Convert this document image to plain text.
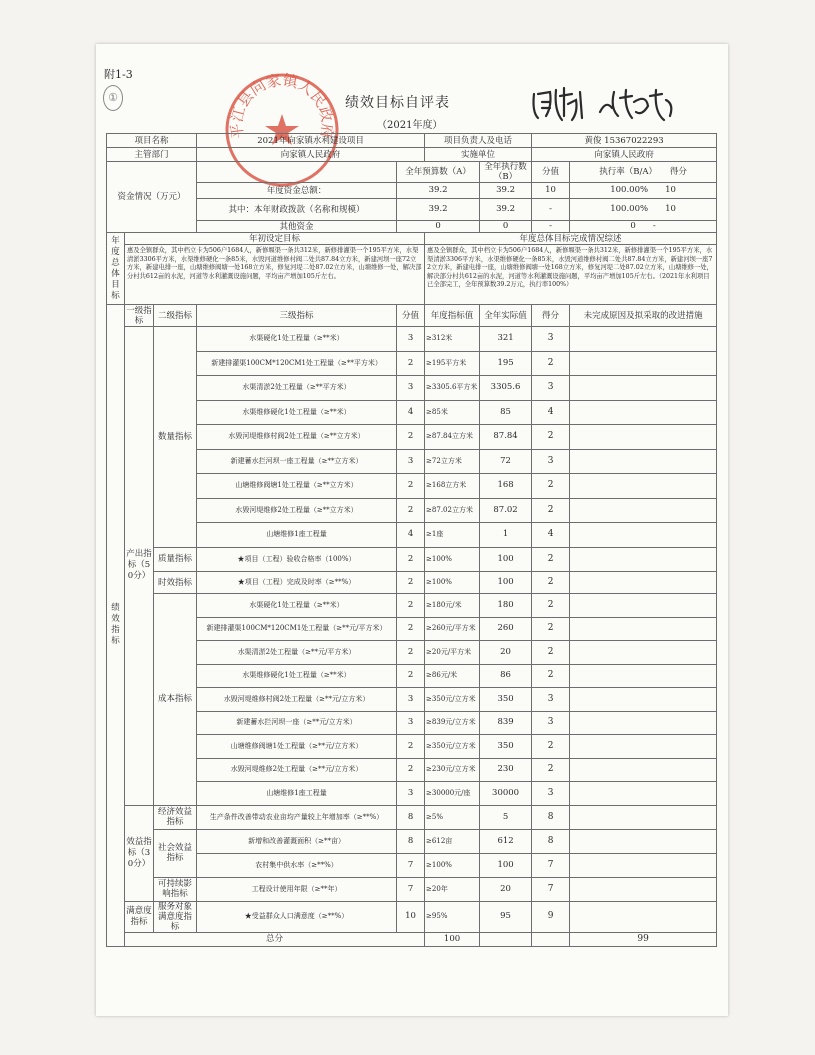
附1-3
①	绩效目标自评表
（2021年度）
平江县向家镇人民政府
项目名称			2021年向家镇水利建设项目		项目负责人及电话		黄俊 15367022293		
主管部门			向家镇人民政府		实施单位		向家镇人民政府		
资金情况（万元）				全年预算数（A）		全年执行数（B）	分值	执行率（B/A）　　 得分	
			年度资金总额：	39.2		39.2	10	100.00%　　 10	
			其中：本年财政拨款（名称和规模）	39.2		39.2	-	100.00%　　 10	
			其他资金	0		0	-	0　　 -	
年度总体目标	年初设定目标				年度总体目标完成情况综述				
	惠及全镇群众，其中档立卡为506户1684人，新修堰渠一条共312米，新修排灌渠一个195平方米，水渠清淤3306平方米，水渠维修硬化一条85米，水毁河道维修村阀二处共87.84立方米，新建河坝一座72立方米，新建电排一座，山塘维修阀塘一处168立方米，修复河堤二处87.02立方米，山塘维修一处，解决部分村共612亩的水泥，河道等水利灌溉设施问题，平均亩产增加105斤左右。				惠及全镇群众，其中档立卡为506户1684人，新修堰渠一条共312米，新修排灌渠一个195平方米，水渠清淤3306平方米，水渠维修硬化一条85米，水毁河道维修村阀二处共87.84立方米，新建河坝一座72立方米，新建电排一座，山塘维修阀塘一处168立方米，修复河堤二处87.02立方米，山塘维修一处，解决部分村共612亩的水泥，河道等水利灌溉设施问题，平均亩产增加105斤左右。（2021年水利项目已全部完工，全年预算数39.2万元，执行率100%）				
绩效指标	一级指标	二级指标	三级指标	分值	年度指标值	全年实际值	得分	未完成原因及拟采取的改进措施	
	产出指标（50分）	数量指标	水渠硬化1处工程量（≥**米）	3	≥312米	321	3		
			新建排灌渠100CM*120CM1处工程量（≥**平方米）	2	≥195平方米	195	2		
			水渠清淤2处工程量（≥**平方米）	3	≥3305.6平方米	3305.6	3		
			水渠维修硬化1处工程量（≥**米）	4	≥85米	85	4		
			水毁河堤维修村阀2处工程量（≥**立方米）	2	≥87.84立方米	87.84	2		
			新建蓄水拦河坝一座工程量（≥**立方米）	3	≥72立方米	72	3		
			山塘维修阀塘1处工程量（≥**立方米）	2	≥168立方米	168	2		
			水毁河堤维修2处工程量（≥**立方米）	2	≥87.02立方米	87.02	2		
			山塘维修1座工程量	4	≥1座	1	4		
		质量指标	★项目（工程）验收合格率（100%）	2	≥100%	100	2		
		时效指标	★项目（工程）完成及时率（≥**%）	2	≥100%	100	2		
		成本指标	水渠硬化1处工程量（≥**米）	2	≥180元/米	180	2		
			新建排灌渠100CM*120CM1处工程量（≥**元/平方米）	2	≥260元/平方米	260	2		
			水渠清淤2处工程量（≥**元/平方米）	2	≥20元/平方米	20	2		
			水渠维修硬化1处工程量（≥**米）	2	≥86元/米	86	2		
			水毁河堤维修村阀2处工程量（≥**元/立方米）	3	≥350元/立方米	350	3		
			新建蓄水拦河坝一座（≥**元/立方米）	3	≥839元/立方米	839	3		
			山塘维修阀塘1处工程量（≥**元/立方米）	2	≥350元/立方米	350	2		
			水毁河堤维修2处工程量（≥**元/立方米）	2	≥230元/立方米	230	2		
			山塘维修1座工程量	3	≥30000元/座	30000	3		
	效益指标（30分）	经济效益指标	生产条件改善带动农业亩均产量较上年增加率（≥**%）	8	≥5%	5	8		
		社会效益指标	新增和改善灌溉面积（≥**亩）	8	≥612亩	612	8		
			农村集中供水率（≥**%）	7	≥100%	100	7		
		可持续影响指标	工程设计使用年限（≥**年）	7	≥20年	20	7		
	满意度指标	服务对象满意度指标	★受益群众人口满意度（≥**%）	10	≥95%	95	9		
	总分				100			99	
